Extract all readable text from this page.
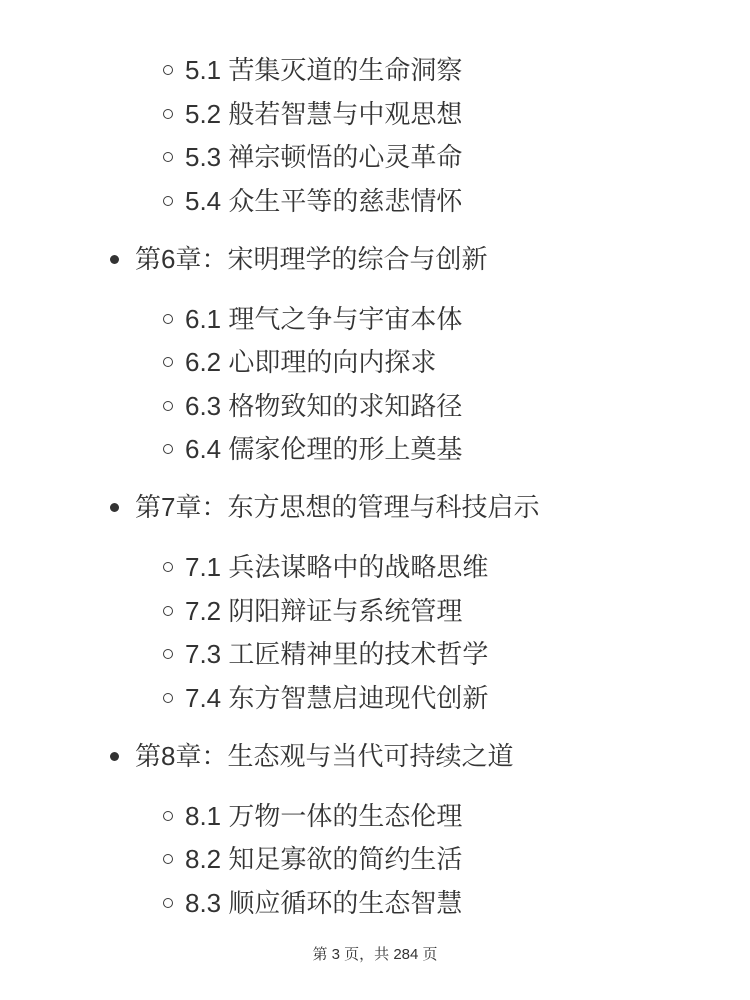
5.1 苦集灭道的生命洞察
5.2 般若智慧与中观思想
5.3 禅宗顿悟的心灵革命
5.4 众生平等的慈悲情怀
第6章：宋明理学的综合与创新
6.1 理气之争与宇宙本体
6.2 心即理的向内探求
6.3 格物致知的求知路径
6.4 儒家伦理的形上奠基
第7章：东方思想的管理与科技启示
7.1 兵法谋略中的战略思维
7.2 阴阳辩证与系统管理
7.3 工匠精神里的技术哲学
7.4 东方智慧启迪现代创新
第8章：生态观与当代可持续之道
8.1 万物一体的生态伦理
8.2 知足寡欲的简约生活
8.3 顺应循环的生态智慧
第 3 页，共 284 页
